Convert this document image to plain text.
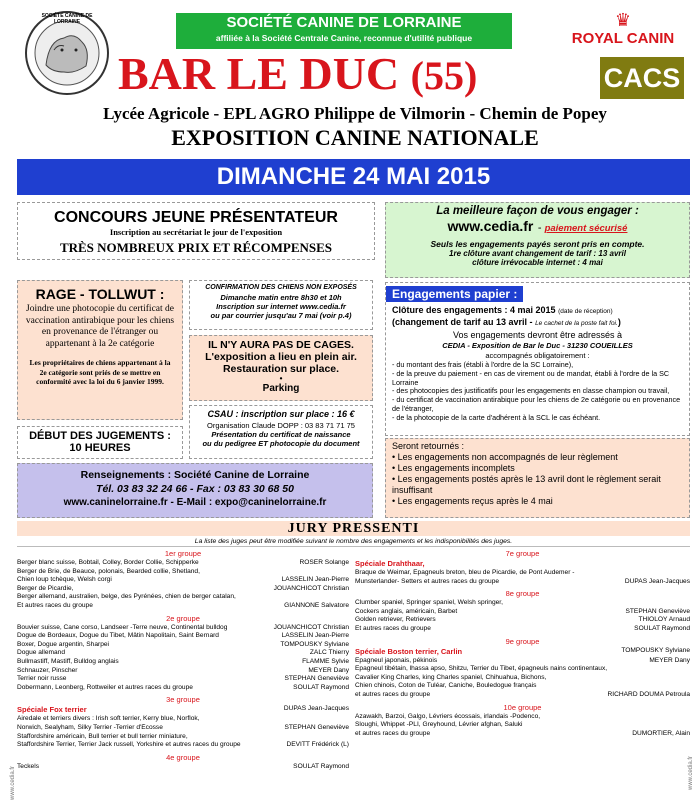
SOCIÉTÉ CANINE DE LORRAINE	SOCIÉTÉ CANINE DE LORRAINE
affiliée à la Société Centrale Canine, reconnue d'utilité publique
♛
ROYAL CANIN
CACS
BAR LE DUC (55)
Lycée Agricole - EPL AGRO Philippe de Vilmorin - Chemin de Popey
EXPOSITION CANINE NATIONALE
DIMANCHE 24 MAI 2015
CONCOURS JEUNE PRÉSENTATEUR
Inscription au secrétariat le jour de l'exposition
TRÈS NOMBREUX PRIX ET RÉCOMPENSES
La meilleure façon de vous engager :
www.cedia.fr - paiement sécurisé
Seuls les engagements payés seront pris en compte.
1re clôture avant changement de tarif : 13 avril
clôture irrévocable internet : 4 mai
RAGE - TOLLWUT :
Joindre une photocopie du certificat de vaccination antirabique pour les chiens en provenance de l'étranger ou appartenant à la 2e catégorie
Les propriétaires de chiens appartenant à la 2e catégorie sont priés de se mettre en conformité avec la loi du 6 janvier 1999.
CONFIRMATION DES CHIENS NON EXPOSÉS
Dimanche matin entre 8h30 et 10h
Inscription sur internet www.cedia.fr
ou par courrier jusqu'au 7 mai (voir p.4)
IL N'Y AURA PAS DE CAGES.
L'exposition a lieu en plein air.
Restauration sur place.
•
Parking
CSAU : inscription sur place : 16 €
Organisation Claude DOPP : 03 83 71 71 75
Présentation du certificat de naissance
ou du pedigree ET photocopie du document
DÉBUT DES JUGEMENTS :
10 HEURES
Engagements papier :
Clôture des engagements : 4 mai 2015 (date de réception)
(changement de tarif au 13 avril - Le cachet de la poste fait foi.)
Vos engagements devront être adressés à
CEDIA - Exposition de Bar le Duc - 31230 COUEILLES
accompagnés obligatoirement :
- du montant des frais (établi à l'ordre de la SC Lorraine),
- de la preuve du paiement - en cas de virement ou de mandat, établi à l'ordre de la SC Lorraine
- des photocopies des justificatifs pour les engagements en classe champion ou travail,
- du certificat de vaccination antirabique pour les chiens de 2e catégorie ou en provenance de l'étranger,
- de la photocopie de la carte d'adhérent à la SCL le cas échéant.
Seront retournés :
• Les engagements non accompagnés de leur règlement
• Les engagements incomplets
• Les engagements postés après le 13 avril dont le règlement serait insuffisant
• Les engagements reçus après le 4 mai
Renseignements : Société Canine de Lorraine
Tél. 03 83 32 24 66 - Fax : 03 83 30 68 50
www.caninelorraine.fr - E-Mail : expo@caninelorraine.fr
JURY PRESSENTI
La liste des juges peut être modifiée suivant le nombre des engagements et les indisponibilités des juges.
1er groupe
Berger blanc suisse, Bobtail, Colley, Border Collie, Schipperke	ROSER Solange
Berger de Brie, de Beauce, polonais, Bearded collie, Shetland,
Chien loup tchèque, Welsh corgi	LASSELIN Jean-Pierre
Berger de Picardie,	JOUANCHICOT Christian
Berger allemand, australien, belge, des Pyrénées, chien de berger catalan,
Et autres races du groupe	GIANNONE Salvatore
2e groupe
Bouvier suisse, Cane corso, Landseer -Terre neuve, Continental bulldog	JOUANCHICOT Christian
Dogue de Bordeaux, Dogue du Tibet, Mâtin Napolitain, Saint Bernard	LASSELIN Jean-Pierre
Boxer, Dogue argentin, Sharpei	TOMPOUSKY Sylviane
Dogue allemand	ZALC Thierry
Bullmastiff, Mastiff, Bulldog anglais	FLAMME Sylvie
Schnauzer, Pinscher	MEYER Dany
Terrier noir russe	STEPHAN Geneviève
Dobermann, Leonberg, Rottweiler et autres races du groupe	SOULAT Raymond
3e groupe
Spéciale Fox terrier	DUPAS Jean-Jacques
Airedale et terriers divers : Irish soft terrier, Kerry blue, Norflok,
Norwich, Sealyham, Silky Terrier -Terrier d'Écosse	STEPHAN Geneviève
Staffordshire américain, Bull terrier et bull terrier miniature,
Staffordshire Terrier, Terrier Jack russell, Yorkshire et autres races du groupe	DEVITT Frédérick (L)
4e groupe
Teckels	SOULAT Raymond
7e groupe
Spéciale Drahthaar,
Braque de Weimar, Epagneuls breton, bleu de Picardie, de Pont Audemer -
Munsterlander- Setters et autres races du groupe	DUPAS Jean-Jacques
8e groupe
Clumber spaniel, Springer spaniel, Welsh springer,
Cockers anglais, américain, Barbet	STEPHAN Geneviève
Golden retriever, Retrievers	THIOLOY Arnaud
Et autres races du groupe	SOULAT Raymond
9e groupe
Spéciale Boston terrier, Carlin	TOMPOUSKY Sylviane
Epagneul japonais, pékinois	MEYER Dany
Epagneul tibétain, lhassa apso, Shitzu, Terrier du Tibet, épagneuls nains continentaux,
Cavalier King Charles, king Charles spaniel, Chihuahua, Bichons,
Chien chinois, Coton de Tuléar, Caniche, Bouledogue français
et autres races du groupe	RICHARD DOUMA Petroula
10e groupe
Azawakh, Barzoi, Galgo, Lévriers écossais, irlandais -Podenco,
Sloughi, Whippet -PLI, Greyhound, Lévrier afghan, Saluki
et autres races du groupe	DUMORTIER, Alain
www.cedia.fr
www.cedia.fr
